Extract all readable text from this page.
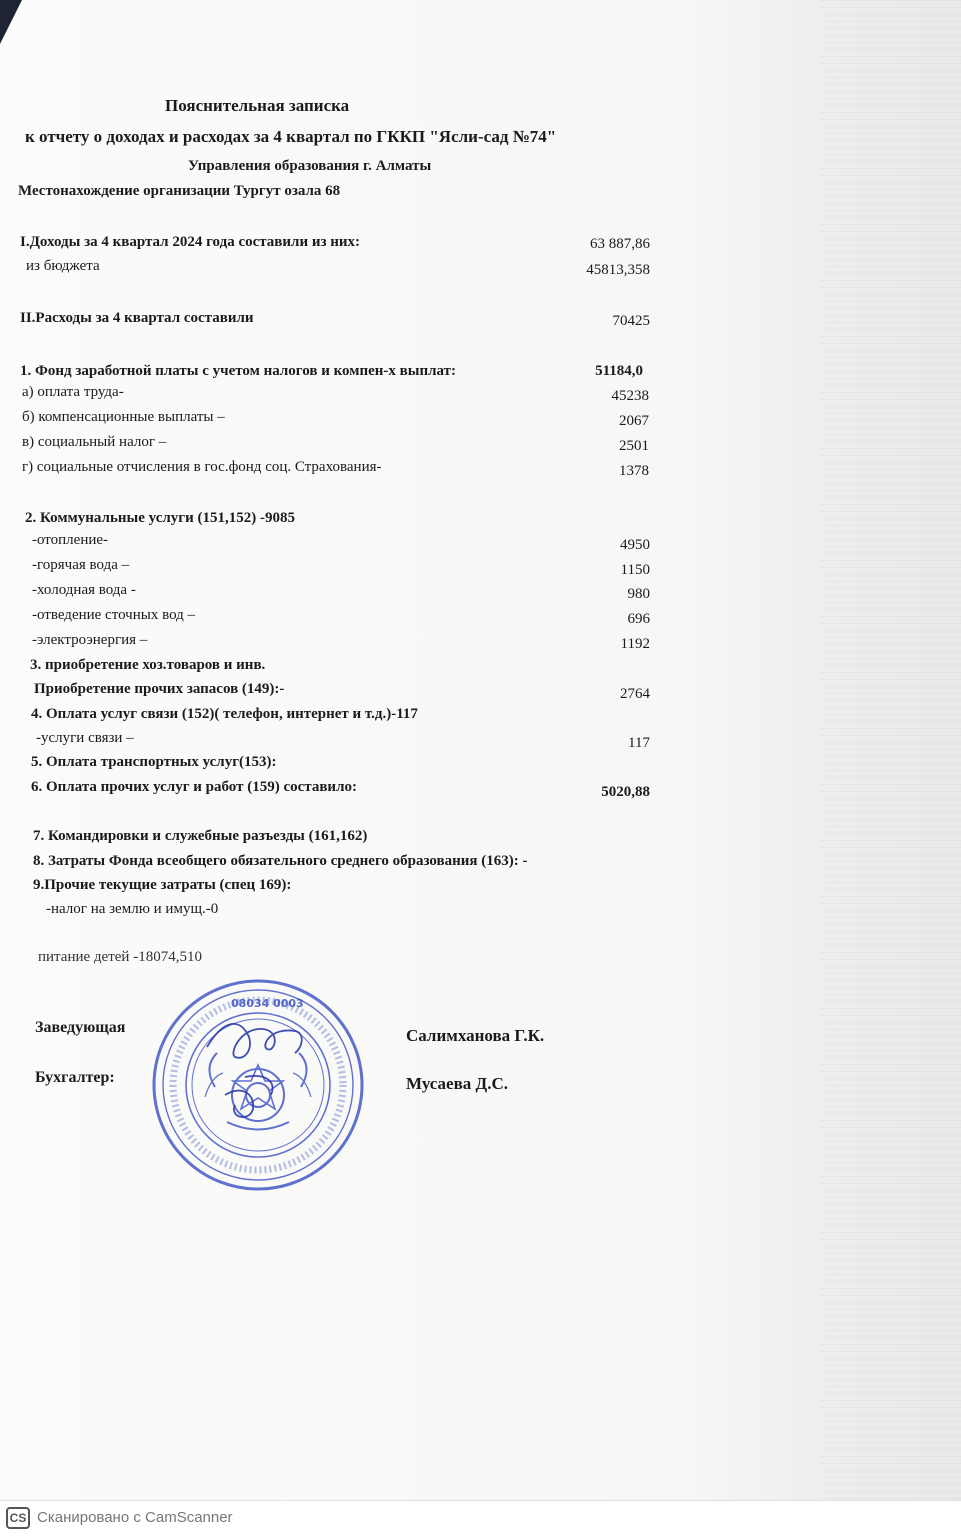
Пояснительная записка
к отчету о доходах и расходах за 4 квартал по ГККП "Ясли-сад №74"
Управления образования г. Алматы
Местонахождение организации Тургут озала 68
I.Доходы за 4 квартал 2024 года составили из них:	63 887,86
из бюджета	45813,358
II.Расходы за 4 квартал составили	70425
1. Фонд заработной платы с учетом налогов и компен-х выплат:	51184,0
а) оплата труда-	45238
б) компенсационные выплаты –	2067
в) социальный налог –	2501
г) социальные отчисления в гос.фонд соц. Страхования-	1378
2. Коммунальные услуги (151,152) -9085
-отопление-	4950
-горячая вода –	1150
-холодная вода -	980
-отведение сточных вод –	696
-электроэнергия –	1192
3. приобретение хоз.товаров и инв.
Приобретение прочих запасов (149):-	2764
4. Оплата услуг связи (152)( телефон, интернет и т.д.)-117
-услуги связи –	117
5. Оплата транспортных услуг(153):
6. Оплата прочих услуг и работ (159) составило:	5020,88
7. Командировки и служебные разъезды (161,162)
8. Затраты Фонда всеобщего обязательного среднего образования (163): -
9.Прочие текущие затраты (спец 169):
-налог на землю и имущ.-0
питание детей -18074,510
Заведующая	Салимханова Г.К.
Бухгалтер:	Мусаева Д.С.
08034 0003
CS Сканировано с CamScanner
